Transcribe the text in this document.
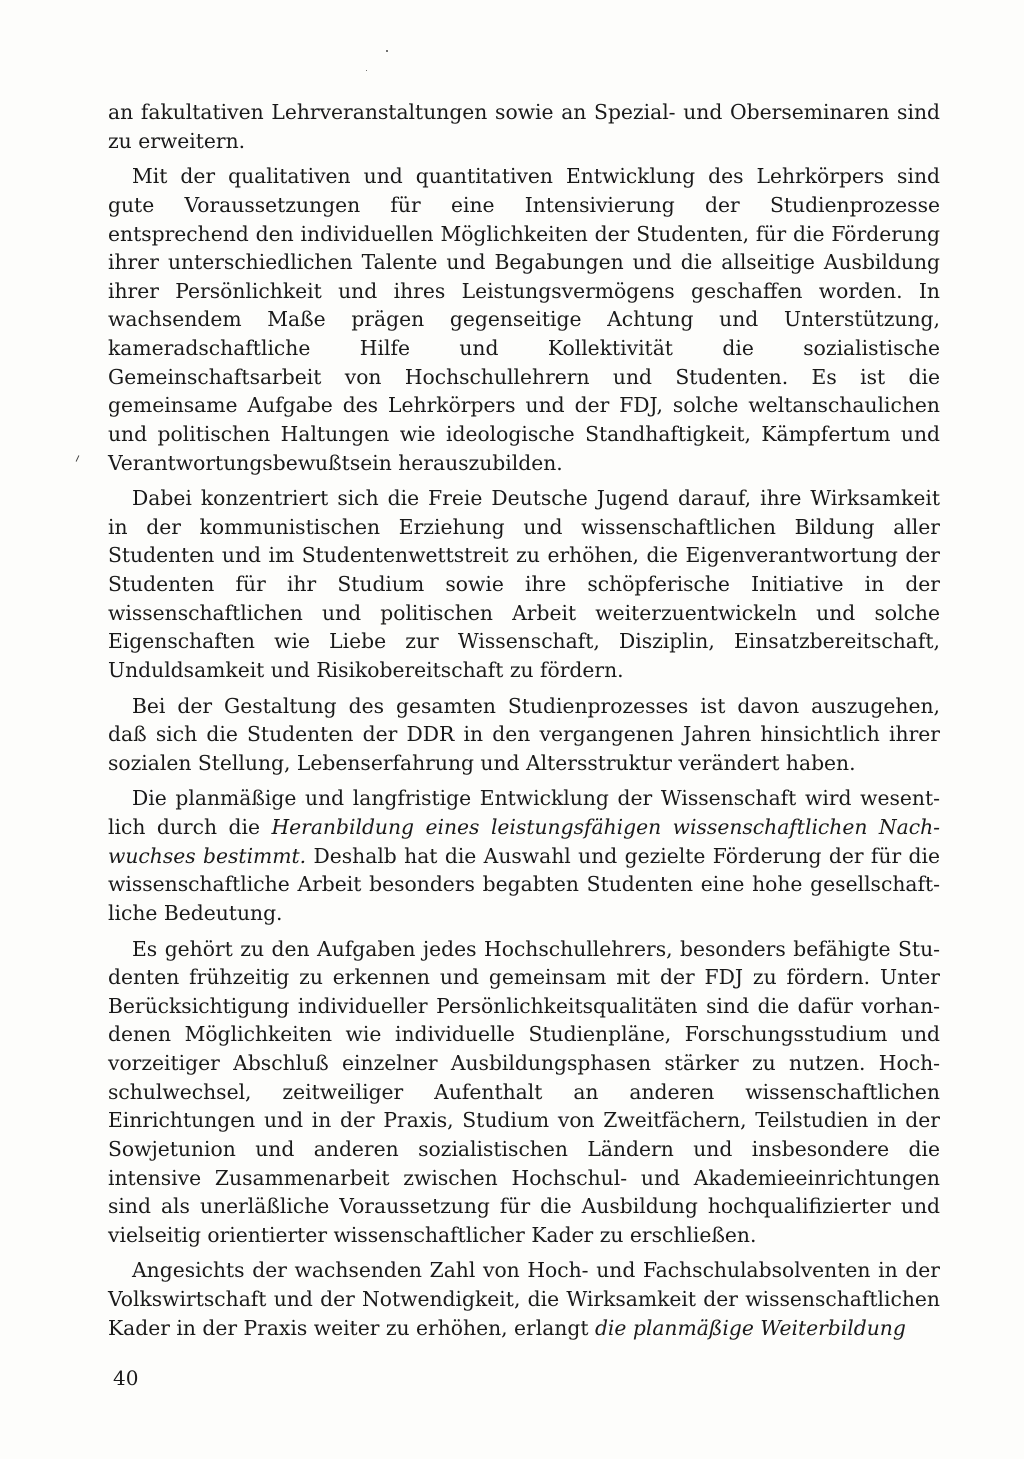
an fakultativen Lehrveranstaltungen sowie an Spezial- und Oberseminaren sind zu erweitern.

Mit der qualitativen und quantitativen Entwicklung des Lehrkörpers sind gute Voraussetzungen für eine Intensivierung der Studienprozesse entsprechend den individuellen Möglichkeiten der Studenten, für die Förderung ihrer unterschiedlichen Talente und Begabungen und die allseitige Ausbildung ihrer Persönlichkeit und ihres Leistungsvermögens geschaffen worden. In wachsendem Maße prägen gegenseitige Achtung und Unterstützung, kameradschaftliche Hilfe und Kollektivität die sozialistische Gemeinschaftsarbeit von Hochschullehrern und Studenten. Es ist die gemeinsame Aufgabe des Lehrkörpers und der FDJ, solche weltanschaulichen und politischen Haltungen wie ideologische Standhaftigkeit, Kämpfertum und Verantwortungsbewußtsein herauszubilden.

Dabei konzentriert sich die Freie Deutsche Jugend darauf, ihre Wirksamkeit in der kommunistischen Erziehung und wissenschaftlichen Bildung aller Studenten und im Studentenwettstreit zu erhöhen, die Eigenverantwortung der Studenten für ihr Studium sowie ihre schöpferische Initiative in der wissenschaftlichen und politischen Arbeit weiterzuentwickeln und solche Eigenschaften wie Liebe zur Wissenschaft, Disziplin, Einsatzbereitschaft, Unduldsamkeit und Risikobereitschaft zu fördern.

Bei der Gestaltung des gesamten Studienprozesses ist davon auszugehen, daß sich die Studenten der DDR in den vergangenen Jahren hinsichtlich ihrer sozialen Stellung, Lebenserfahrung und Altersstruktur verändert haben.

Die planmäßige und langfristige Entwicklung der Wissenschaft wird wesentlich durch die Heranbildung eines leistungsfähigen wissenschaftlichen Nachwuchses bestimmt. Deshalb hat die Auswahl und gezielte Förderung der für die wissenschaftliche Arbeit besonders begabten Studenten eine hohe gesellschaftliche Bedeutung.

Es gehört zu den Aufgaben jedes Hochschullehrers, besonders befähigte Studenten frühzeitig zu erkennen und gemeinsam mit der FDJ zu fördern. Unter Berücksichtigung individueller Persönlichkeitsqualitäten sind die dafür vorhandenen Möglichkeiten wie individuelle Studienpläne, Forschungsstudium und vorzeitiger Abschluß einzelner Ausbildungsphasen stärker zu nutzen. Hochschulwechsel, zeitweiliger Aufenthalt an anderen wissenschaftlichen Einrichtungen und in der Praxis, Studium von Zweitfächern, Teilstudien in der Sowjetunion und anderen sozialistischen Ländern und insbesondere die intensive Zusammenarbeit zwischen Hochschul- und Akademieeinrichtungen sind als unerläßliche Voraussetzung für die Ausbildung hochqualifizierter und vielseitig orientierter wissenschaftlicher Kader zu erschließen.

Angesichts der wachsenden Zahl von Hoch- und Fachschulabsolventen in der Volkswirtschaft und der Notwendigkeit, die Wirksamkeit der wissenschaftlichen Kader in der Praxis weiter zu erhöhen, erlangt die planmäßige Weiterbildung

40
